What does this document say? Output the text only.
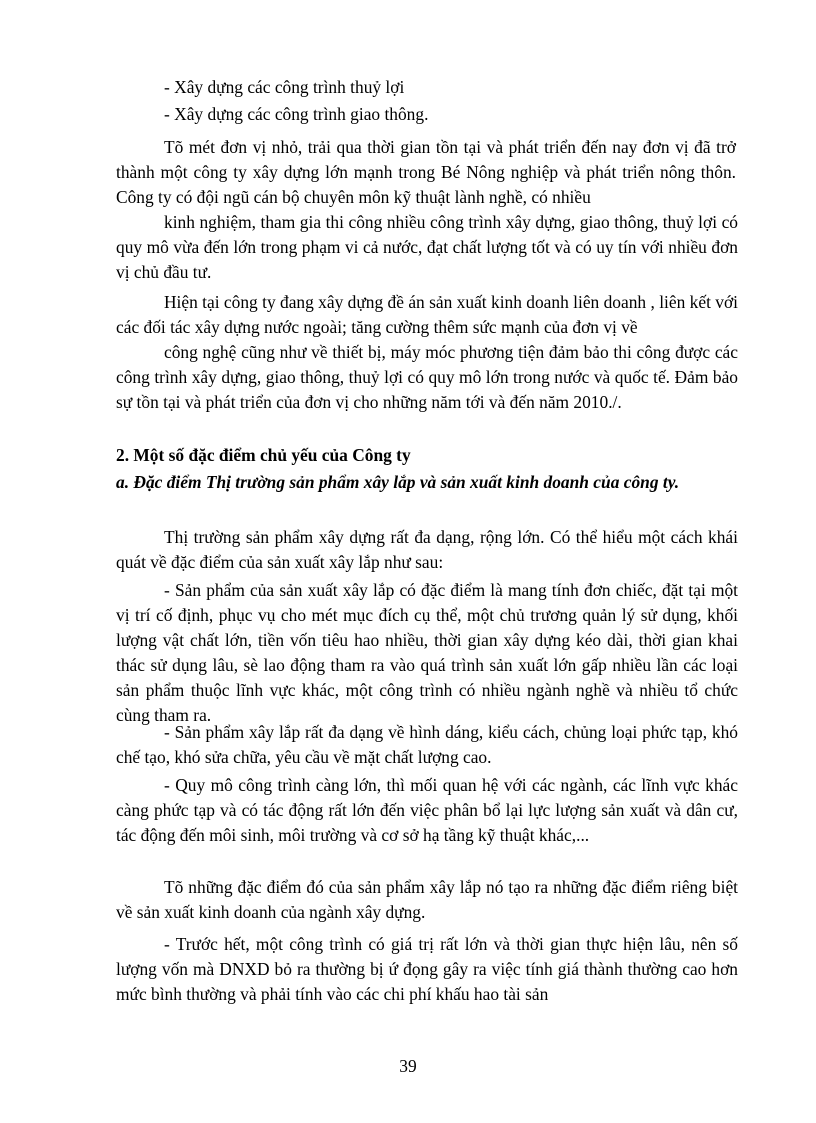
- Xây dựng các công trình thuỷ lợi

- Xây dựng các công trình giao thông.

Tõ mét đơn vị nhỏ, trải qua thời gian tồn tại và phát triển đến nay đơn vị đã trở thành một công ty xây dựng lớn mạnh trong Bé Nông nghiệp và phát triển nông thôn. Công ty có đội ngũ cán bộ chuyên môn kỹ thuật lành nghề, có nhiều

kinh nghiệm, tham gia thi công nhiều công trình xây dựng, giao thông, thuỷ lợi có quy mô vừa đến lớn trong phạm vi cả nước, đạt chất lượng tốt và có uy tín với nhiều đơn vị chủ đầu tư.

Hiện tại công ty đang xây dựng đề án sản xuất kinh doanh liên doanh , liên kết với các đối tác xây dựng nước ngoài; tăng cường thêm sức mạnh của đơn vị về

công nghệ cũng như về thiết bị, máy móc phương tiện đảm bảo thi công được các công trình xây dựng, giao thông, thuỷ lợi có quy mô lớn trong nước và quốc tế. Đảm bảo sự tồn tại và phát triển của đơn vị cho những năm tới và đến năm 2010./.

2. Một số đặc điểm chủ yếu của Công ty

a. Đặc điểm Thị trường sản phẩm xây lắp và sản xuất kinh doanh của công ty.

Thị trường sản phẩm xây dựng rất đa dạng, rộng lớn. Có thể hiểu một cách khái quát về đặc điểm của sản xuất xây lắp như sau:

- Sản phẩm của sản xuất xây lắp có đặc điểm là mang tính đơn chiếc, đặt tại một vị trí cố định, phục vụ cho mét mục đích cụ thể, một chủ trương quản lý sử dụng, khối lượng vật chất lớn, tiền vốn tiêu hao nhiều, thời gian xây dựng kéo dài, thời gian khai thác sử dụng lâu, sè lao động tham ra vào quá trình sản xuất lớn gấp nhiều lần các loại sản phẩm thuộc lĩnh vực khác, một công trình có nhiều ngành nghề và nhiều tổ chức cùng tham ra.

- Sản phẩm xây lắp rất đa dạng về hình dáng, kiểu cách, chủng loại phức tạp, khó chế tạo, khó sửa chữa, yêu cầu về mặt chất lượng cao.

- Quy mô công trình càng lớn, thì mối quan hệ với các ngành, các lĩnh vực khác càng phức tạp và có tác động rất lớn đến việc phân bổ lại lực lượng sản xuất và dân cư, tác động đến môi sinh, môi trường và cơ sở hạ tầng kỹ thuật khác,...

Tõ những đặc điểm đó của sản phẩm xây lắp nó tạo ra những đặc điểm riêng biệt về sản xuất kinh doanh của ngành xây dựng.

- Trước hết, một công trình có giá trị rất lớn và thời gian thực hiện lâu, nên số lượng vốn mà DNXD bỏ ra thường bị ứ đọng gây ra việc tính giá thành thường cao hơn mức bình thường và phải tính vào các chi phí khấu hao tài sản

39
